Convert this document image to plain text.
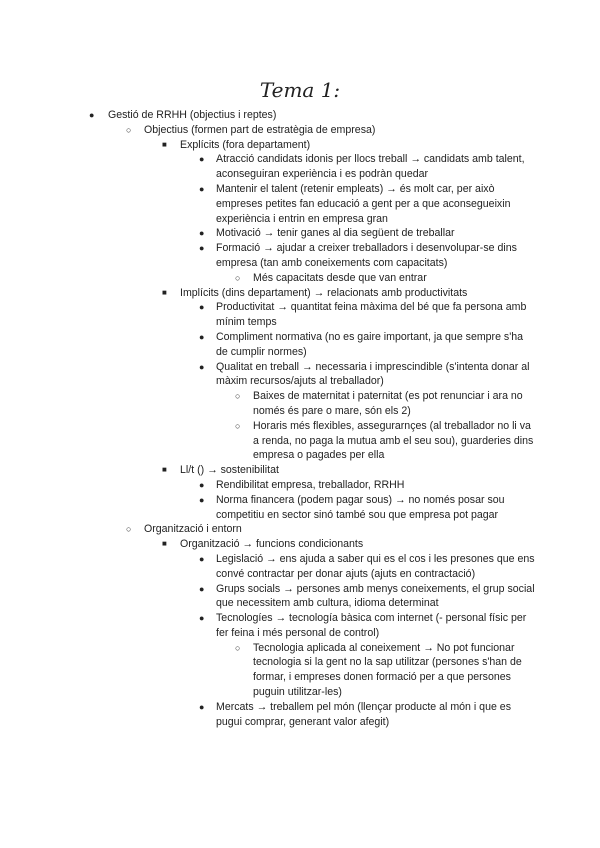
Tema 1:
● Gestió de RRHH (objectius i reptes)
○ Objectius (formen part de estratègia de empresa)
■ Explícits (fora departament)
● Atracció candidats idonis per llocs treball → candidats amb talent, aconseguiran experiència i es podràn quedar
● Mantenir el talent (retenir empleats) → és molt car, per això empreses petites fan educació a gent per a que aconsegueixin experiència i entrin en empresa gran
● Motivació → tenir ganes al dia següent de treballar
● Formació → ajudar a creixer treballadors i desenvolupar-se dins empresa (tan amb coneixements com capacitats)
○ Més capacitats desde que van entrar
■ Implícits (dins departament) → relacionats amb productivitats
● Productivitat → quantitat feina màxima del bé que fa persona amb mínim temps
● Compliment normativa (no es gaire important, ja que sempre s'ha de cumplir normes)
● Qualitat en treball → necessaria i imprescindible (s'intenta donar al màxim recursos/ajuts al treballador)
○ Baixes de maternitat i paternitat (es pot renunciar i ara no només és pare o mare, són els 2)
○ Horaris més flexibles, assegurarnçes (al treballador no li va a renda, no paga la mutua amb el seu sou), guarderies dins empresa o pagades per ella
■ Ll/t () → sostenibilitat
● Rendibilitat empresa, treballador, RRHH
● Norma financera (podem pagar sous) → no només posar sou competitiu en sector sinó també sou que empresa pot pagar
○ Organització i entorn
■ Organització → funcions condicionants
● Legislació → ens ajuda a saber qui es el cos i les presones que ens convé contractar per donar ajuts (ajuts en contractació)
● Grups socials → persones amb menys coneixements, el grup social que necessitem amb cultura, idioma determinat
● Tecnologíes → tecnología bàsica com internet (- personal físic per fer feina i més personal de control)
○ Tecnologia aplicada al coneixement → No pot funcionar tecnologia si la gent no la sap utilitzar (persones s'han de formar, i empreses donen formació per a que persones puguin utilitzar-les)
● Mercats → treballem pel món (llençar producte al món i que es pugui comprar, generant valor afegit)
